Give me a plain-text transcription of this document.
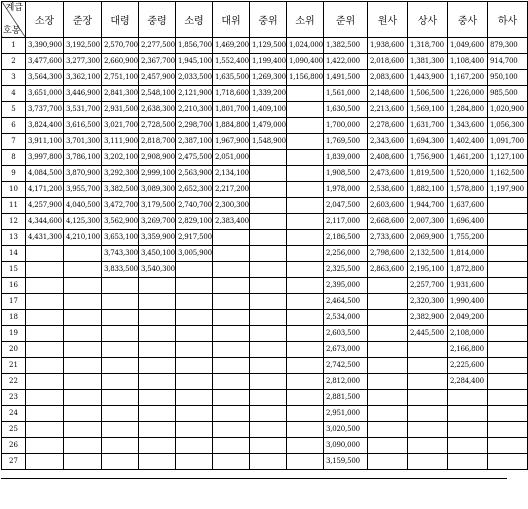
계급
호봉	소장	준장	대령	중령	소령	대위	중위	소위	준위	원사	상사	중사	하사
1	3,390,900	3,192,500	2,570,700	2,277,500	1,856,700	1,469,200	1,129,500	1,024,000	1,382,500	1,938,600	1,318,700	1,049,600	879,300
2	3,477,600	3,277,300	2,660,900	2,367,700	1,945,100	1,552,400	1,199,400	1,090,400	1,422,000	2,018,600	1,381,300	1,108,400	914,700
3	3,564,300	3,362,100	2,751,100	2,457,900	2,033,500	1,635,500	1,269,300	1,156,800	1,491,500	2,083,600	1,443,900	1,167,200	950,100
4	3,651,000	3,446,900	2,841,300	2,548,100	2,121,900	1,718,600	1,339,200		1,561,000	2,148,600	1,506,500	1,226,000	985,500
5	3,737,700	3,531,700	2,931,500	2,638,300	2,210,300	1,801,700	1,409,100		1,630,500	2,213,600	1,569,100	1,284,800	1,020,900
6	3,824,400	3,616,500	3,021,700	2,728,500	2,298,700	1,884,800	1,479,000		1,700,000	2,278,600	1,631,700	1,343,600	1,056,300
7	3,911,100	3,701,300	3,111,900	2,818,700	2,387,100	1,967,900	1,548,900		1,769,500	2,343,600	1,694,300	1,402,400	1,091,700
8	3,997,800	3,786,100	3,202,100	2,908,900	2,475,500	2,051,000			1,839,000	2,408,600	1,756,900	1,461,200	1,127,100
9	4,084,500	3,870,900	3,292,300	2,999,100	2,563,900	2,134,100			1,908,500	2,473,600	1,819,500	1,520,000	1,162,500
10	4,171,200	3,955,700	3,382,500	3,089,300	2,652,300	2,217,200			1,978,000	2,538,600	1,882,100	1,578,800	1,197,900
11	4,257,900	4,040,500	3,472,700	3,179,500	2,740,700	2,300,300			2,047,500	2,603,600	1,944,700	1,637,600	
12	4,344,600	4,125,300	3,562,900	3,269,700	2,829,100	2,383,400			2,117,000	2,668,600	2,007,300	1,696,400	
13	4,431,300	4,210,100	3,653,100	3,359,900	2,917,500				2,186,500	2,733,600	2,069,900	1,755,200	
14			3,743,300	3,450,100	3,005,900				2,256,000	2,798,600	2,132,500	1,814,000	
15			3,833,500	3,540,300					2,325,500	2,863,600	2,195,100	1,872,800	
16									2,395,000		2,257,700	1,931,600	
17									2,464,500		2,320,300	1,990,400	
18									2,534,000		2,382,900	2,049,200	
19									2,603,500		2,445,500	2,108,000	
20									2,673,000			2,166,800	
21									2,742,500			2,225,600	
22									2,812,000			2,284,400	
23									2,881,500				
24									2,951,000				
25									3,020,500				
26									3,090,000				
27									3,159,500				
